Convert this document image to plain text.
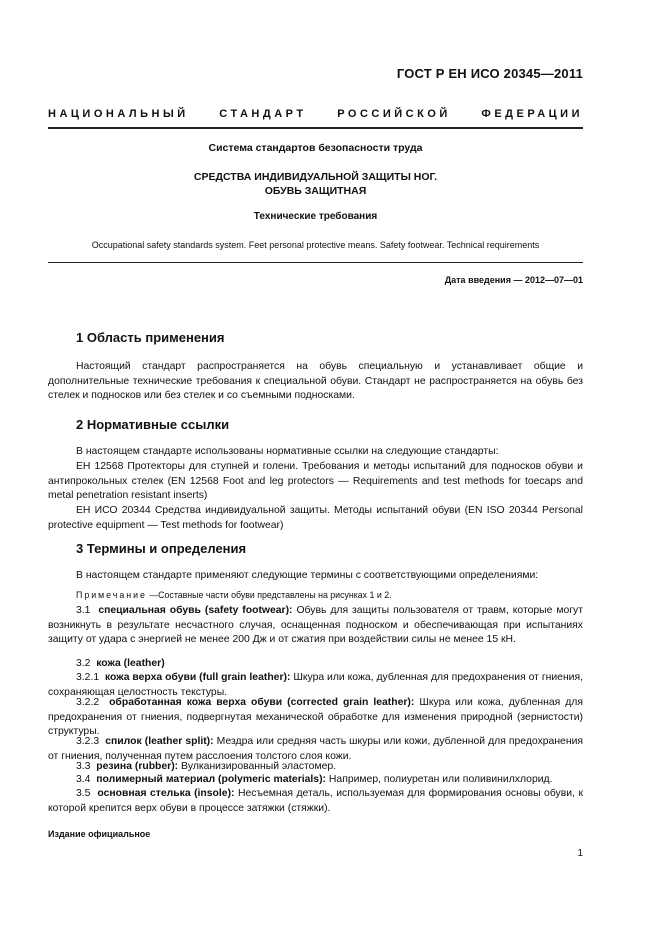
ГОСТ Р ЕН ИСО 20345—2011
НАЦИОНАЛЬНЫЙ СТАНДАРТ РОССИЙСКОЙ ФЕДЕРАЦИИ
Система стандартов безопасности труда
СРЕДСТВА ИНДИВИДУАЛЬНОЙ ЗАЩИТЫ НОГ.
ОБУВЬ ЗАЩИТНАЯ
Технические требования
Occupational safety standards system. Feet personal protective means. Safety footwear. Technical requirements
Дата введения — 2012—07—01
1 Область применения
Настоящий стандарт распространяется на обувь специальную и устанавливает общие и дополнительные технические требования к специальной обуви. Стандарт не распространяется на обувь без стелек и подносков или без стелек и со съемными подносками.
2 Нормативные ссылки
В настоящем стандарте использованы нормативные ссылки на следующие стандарты:
ЕН 12568 Протекторы для ступней и голени. Требования и методы испытаний для подносков обуви и антипрокольных стелек (EN 12568 Foot and leg protectors — Requirements and test methods for toecaps and metal penetration resistant inserts)
ЕН ИСО 20344 Средства индивидуальной защиты. Методы испытаний обуви (EN ISO 20344 Personal protective equipment — Test methods for footwear)
3 Термины и определения
В настоящем стандарте применяют следующие термины с соответствующими определениями:
Примечание —Составные части обуви представлены на рисунках 1 и 2.
3.1 специальная обувь (safety footwear): Обувь для защиты пользователя от травм, которые могут возникнуть в результате несчастного случая, оснащенная подноском и обеспечивающая при испытаниях защиту от удара с энергией не менее 200 Дж и от сжатия при воздействии силы не менее 15 кН.
3.2 кожа (leather)
3.2.1 кожа верха обуви (full grain leather): Шкура или кожа, дубленная для предохранения от гниения, сохраняющая целостность текстуры.
3.2.2 обработанная кожа верха обуви (corrected grain leather): Шкура или кожа, дубленная для предохранения от гниения, подвергнутая механической обработке для изменения природной (зернистости) структуры.
3.2.3 спилок (leather split): Мездра или средняя часть шкуры или кожи, дубленной для предохранения от гниения, полученная путем расслоения толстого слоя кожи.
3.3 резина (rubber): Вулканизированный эластомер.
3.4 полимерный материал (polymeric materials): Например, полиуретан или поливинилхлорид.
3.5 основная стелька (insole): Несъемная деталь, используемая для формирования основы обуви, к которой крепится верх обуви в процессе затяжки (стяжки).
Издание официальное
1
